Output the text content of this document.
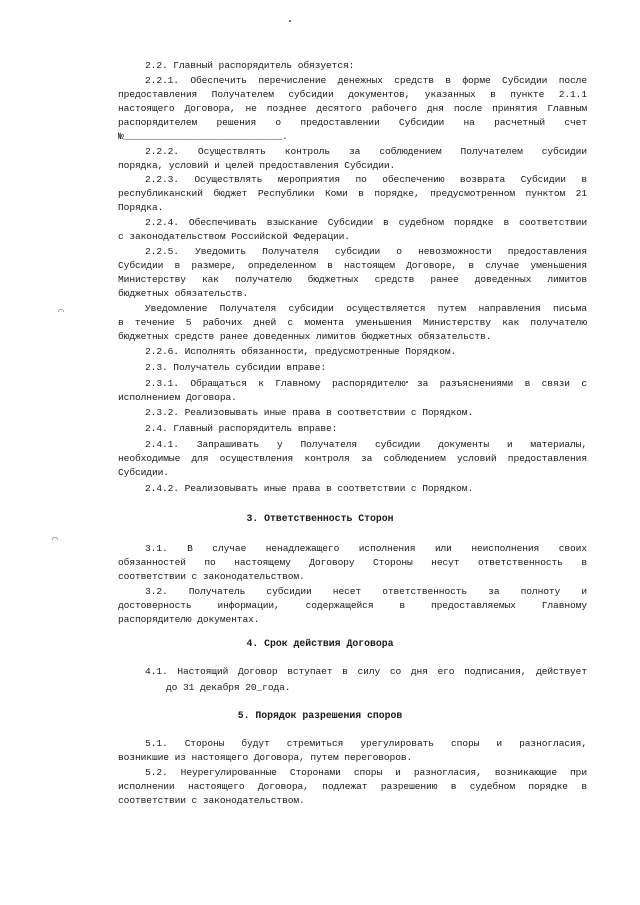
⌒
⌒

2.2. Главный распорядитель обязуется:

2.2.1. Обеспечить перечисление денежных средств в форме Субсидии после

предоставления Получателем субсидии документов, указанных в пункте 2.1.1

настоящего Договора, не позднее десятого рабочего дня после принятия Главным

распорядителем решения о предоставлении Субсидии на расчетный счет

№____________________________.

2.2.2. Осуществлять контроль за соблюдением Получателем субсидии

порядка, условий и целей предоставления Субсидии.

2.2.3. Осуществлять мероприятия по обеспечению возврата Субсидии в

республиканский бюджет Республики Коми в порядке, предусмотренном пунктом 21

Порядка.

2.2.4. Обеспечивать взыскание Субсидии в судебном порядке в соответствии

с законодательством Российской Федерации.

2.2.5. Уведомить Получателя субсидии о невозможности предоставления

Субсидии в размере, определенном в настоящем Договоре, в случае уменьшения

Министерству как получателю бюджетных средств ранее доведенных лимитов

бюджетных обязательств.

Уведомление Получателя субсидии осуществляется путем направления письма

в течение 5 рабочих дней с момента уменьшения Министерству как получателю

бюджетных средств ранее доведенных лимитов бюджетных обязательств.

2.2.6. Исполнять обязанности, предусмотренные Порядком.

2.3. Получатель субсидии вправе:

2.3.1. Обращаться к Главному распорядителю за разъяснениями в связи с

исполнением Договора.

2.3.2. Реализовывать иные права в соответствии с Порядком.

2.4. Главный распорядитель вправе:

2.4.1. Запрашивать у Получателя субсидии документы и материалы,

необходимые для осуществления контроля за соблюдением условий предоставления

Субсидии.

2.4.2. Реализовывать иные права в соответствии с Порядком.

3. Ответственность Сторон

3.1. В случае ненадлежащего исполнения или неисполнения своих

обязанностей по настоящему Договору Стороны несут ответственность в

соответствии с законодательством.

3.2. Получатель субсидии несет ответственность за полноту и

достоверность информации, содержащейся в предоставляемых Главному

распорядителю документах.

4. Срок действия Договора

4.1. Настоящий Договор вступает в силу со дня его подписания, действует

до 31 декабря 20_года.

5. Порядок разрешения споров

5.1. Стороны будут стремиться урегулировать споры и разногласия,

возникшие из настоящего Договора, путем переговоров.

5.2. Неурегулированные Сторонами споры и разногласия, возникающие при

исполнении настоящего Договора, подлежат разрешению в судебном порядке в

соответствии с законодательством.
